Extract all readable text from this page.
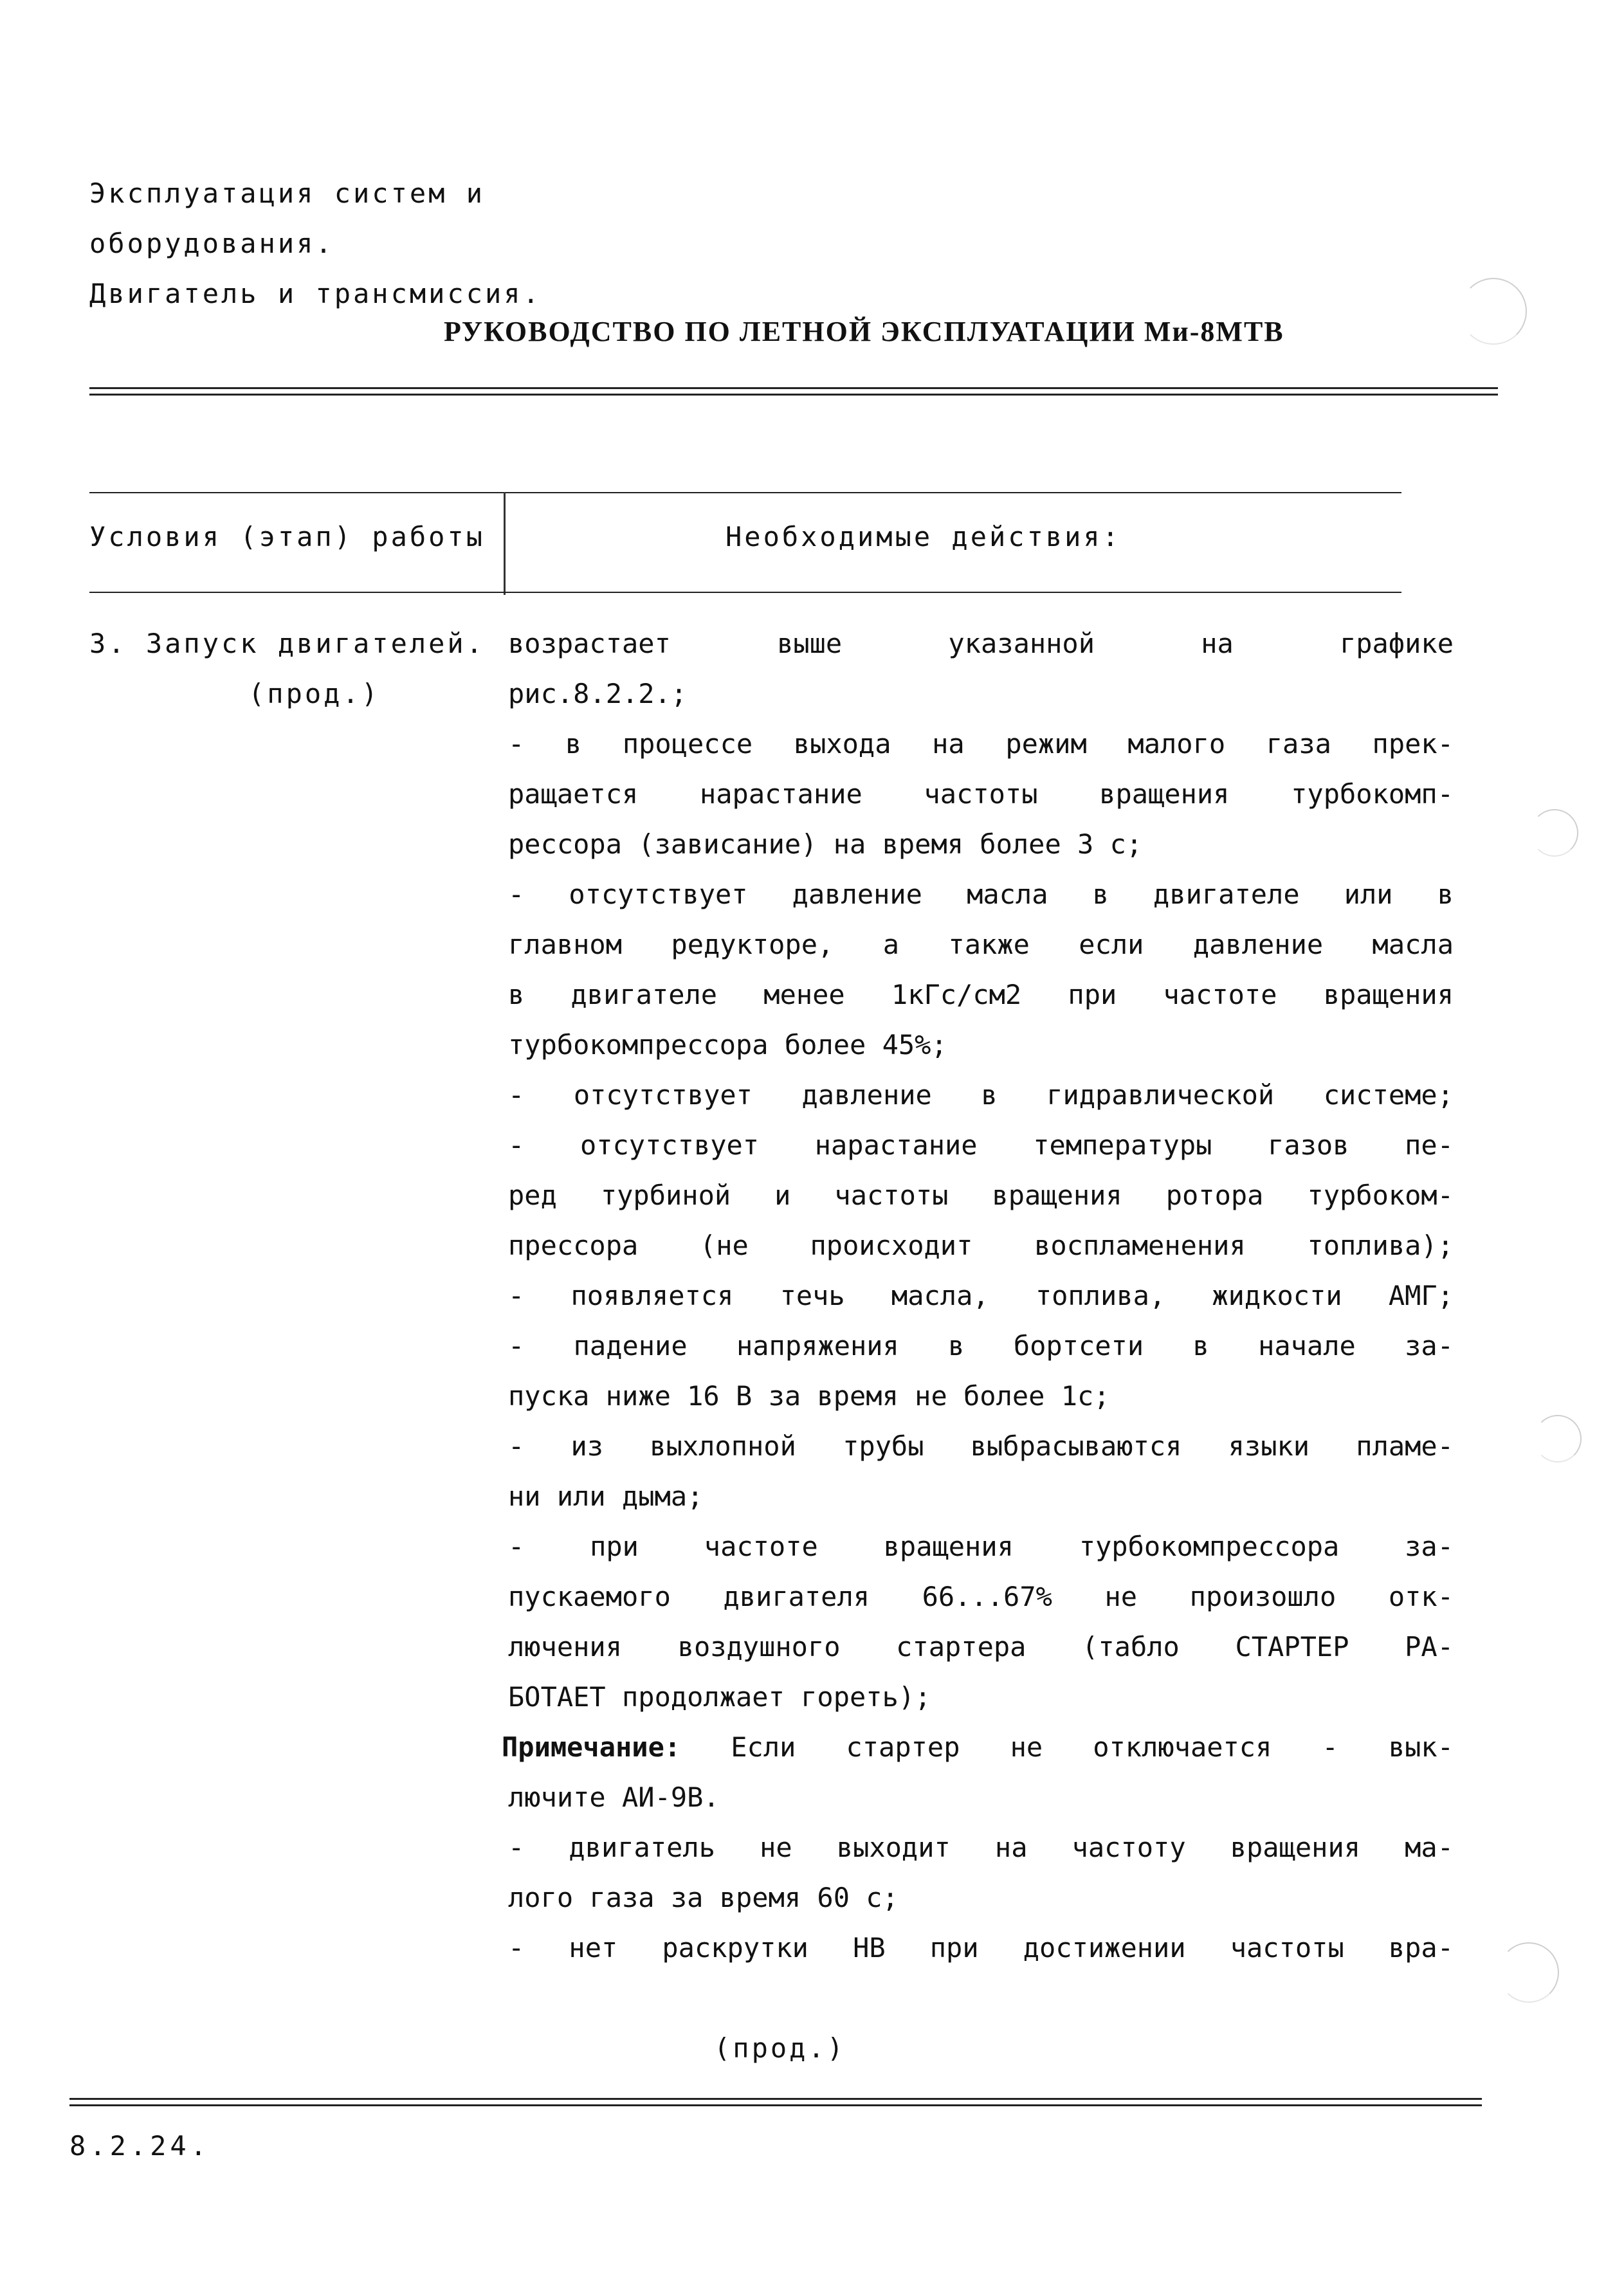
Эксплуатация систем и
оборудования.
Двигатель и трансмиссия.
РУКОВОДСТВО ПО ЛЕТНОЙ ЭКСПЛУАТАЦИИ Ми-8МТВ
Условия (этап) работы	Необходимые действия:
3. Запуск двигателей.
(прод.)
возрастает выше указанной на графике
рис.8.2.2.;
- в процессе выхода на режим малого газа прек-
ращается нарастание частоты вращения турбокомп-
рессора (зависание) на время более 3 с;
- отсутствует давление масла в двигателе или в
главном редукторе, а также если давление масла
в двигателе менее 1кГс/см2 при частоте вращения
турбокомпрессора более 45%;
- отсутствует давление в гидравлической системе;
- отсутствует нарастание температуры газов пе-
ред турбиной и частоты вращения ротора турбоком-
прессора (не происходит воспламенения топлива);
- появляется течь масла, топлива, жидкости АМГ;
- падение напряжения в бортсети в начале за-
пуска ниже 16 В за время не более 1с;
- из выхлопной трубы выбрасываются языки пламе-
ни или дыма;
- при частоте вращения турбокомпрессора за-
пускаемого двигателя 66...67% не произошло отк-
лючения воздушного стартера (табло СТАРТЕР РА-
БОТАЕТ продолжает гореть);
Примечание: Если стартер не отключается - вык-
лючите АИ-9В.
- двигатель не выходит на частоту вращения ма-
лого газа за время 60 с;
- нет раскрутки НВ при достижении частоты вра-
(прод.)
8.2.24.
